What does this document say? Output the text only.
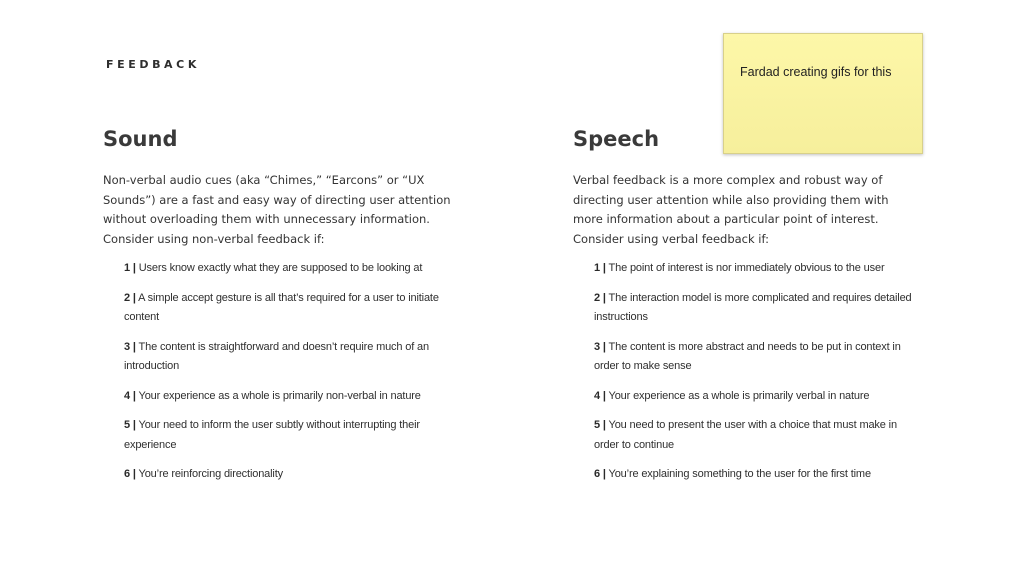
FEEDBACK
Fardad creating gifs for this
Sound
Non-verbal audio cues (aka “Chimes,” “Earcons” or “UX Sounds”) are a fast and easy way of directing user attention without overloading them with unnecessary information. Consider using non-verbal feedback if:
1 | Users know exactly what they are supposed to be looking at
2 | A simple accept gesture is all that’s required for a user to initiate content
3 | The content is straightforward and doesn’t require much of an introduction
4 | Your experience as a whole is primarily non-verbal in nature
5 | Your need to inform the user subtly without interrupting their experience
6 | You’re reinforcing directionality
Speech
Verbal feedback is a more complex and robust way of directing user attention while also providing them with more information about a particular point of interest. Consider using verbal feedback if:
1 | The point of interest is nor immediately obvious to the user
2 | The interaction model is more complicated and requires detailed instructions
3 | The content is more abstract and needs to be put in context in order to make sense
4 | Your experience as a whole is primarily verbal in nature
5 | You need to present the user with a choice that must make in order to continue
6 | You’re explaining something to the user for the first time
